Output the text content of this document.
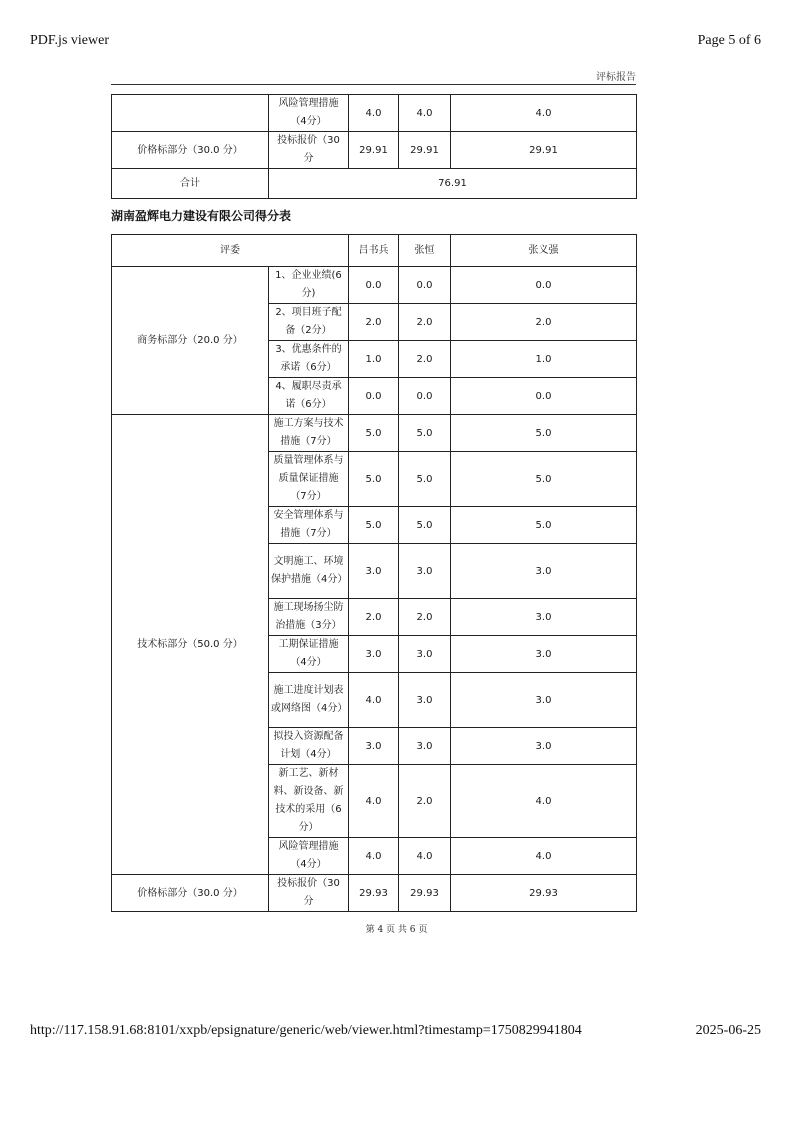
PDF.js viewer	Page 5 of 6
评标报告
	风险管理措施（4分）	4.0	4.0	4.0
价格标部分（30.0 分）	投标报价（30 分	29.91	29.91	29.91
合计	76.91			
湖南盈辉电力建设有限公司得分表
评委		吕书兵	张恒	张义强
商务标部分（20.0 分）	1、企业业绩(6分)	0.0	0.0	0.0
	2、项目班子配备（2分）	2.0	2.0	2.0
	3、优惠条件的承诺（6分）	1.0	2.0	1.0
	4、履职尽责承诺（6分）	0.0	0.0	0.0
技术标部分（50.0 分）	施工方案与技术措施（7分）	5.0	5.0	5.0
	质量管理体系与质量保证措施（7分）	5.0	5.0	5.0
	安全管理体系与措施（7分）	5.0	5.0	5.0
	文明施工、环境保护措施（4分）	3.0	3.0	3.0
	施工现场扬尘防治措施（3分）	2.0	2.0	3.0
	工期保证措施（4分）	3.0	3.0	3.0
	施工进度计划表或网络图（4分）	4.0	3.0	3.0
	拟投入资源配备计划（4分）	3.0	3.0	3.0
	新工艺、新材料、新设备、新技术的采用（6分）	4.0	2.0	4.0
	风险管理措施（4分）	4.0	4.0	4.0
价格标部分（30.0 分）	投标报价（30 分	29.93	29.93	29.93
第 4 页 共 6 页
http://117.158.91.68:8101/xxpb/epsignature/generic/web/viewer.html?timestamp=1750829941804	2025-06-25
